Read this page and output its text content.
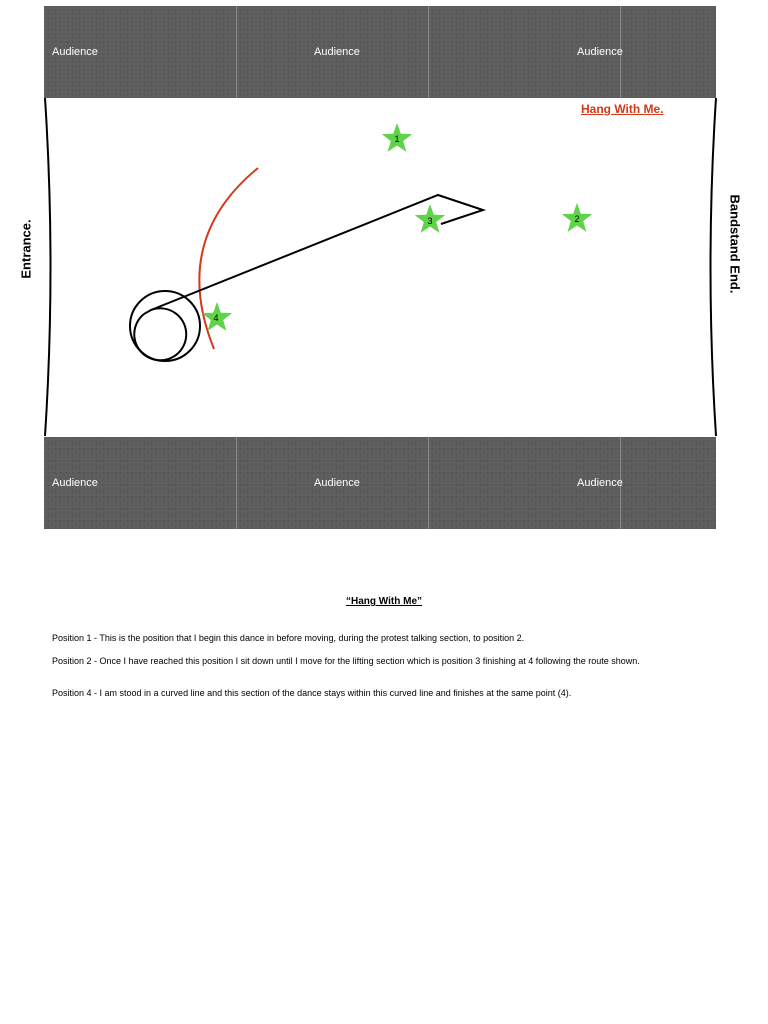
Audience	Audience	Audience
Audience	Audience	Audience
1
2
3
4
Hang With Me.
Entrance.	Bandstand End.
“Hang With Me”

Position 1 - This is the position that I begin this dance in before moving, during the protest talking section, to position 2.

Position 2 - Once I have reached this position I sit down until I move for the lifting section which is position 3 finishing at 4 following the route shown.

Position 4 - I am stood in a curved line and this section of the dance stays within this curved line and finishes at the same point (4).
